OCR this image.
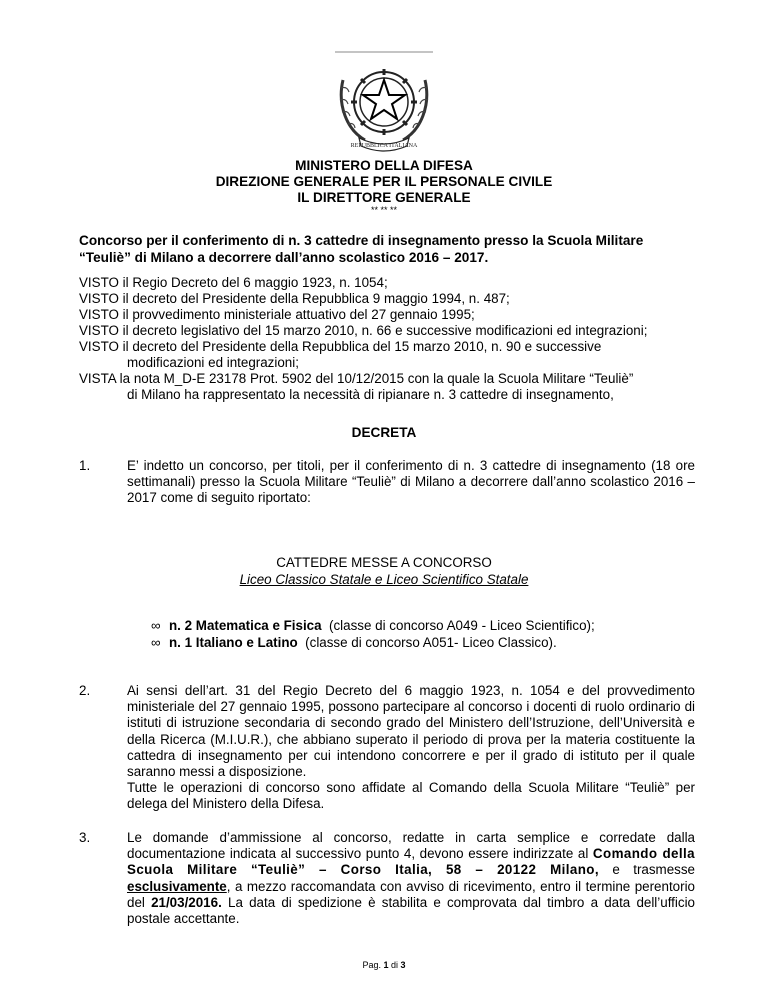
REPUBBLICA ITALIANA
MINISTERO DELLA DIFESA
DIREZIONE GENERALE PER IL PERSONALE CIVILE
IL DIRETTORE GENERALE
** ** **
Concorso per il conferimento di n. 3 cattedre di insegnamento presso la Scuola Militare
“Teuliè” di Milano a decorrere dall’anno scolastico 2016 – 2017.
VISTO il Regio Decreto del 6 maggio 1923, n. 1054;
VISTO il decreto del Presidente della Repubblica 9 maggio 1994, n. 487;
VISTO il provvedimento ministeriale attuativo del 27 gennaio 1995;
VISTO il decreto legislativo del 15 marzo 2010, n. 66 e successive modificazioni ed integrazioni;
VISTO il decreto del Presidente della Repubblica del 15 marzo 2010, n. 90 e successive
modificazioni ed integrazioni;
VISTA la nota M_D-E 23178 Prot. 5902 del 10/12/2015 con la quale la Scuola Militare “Teuliè”
di Milano ha rappresentato la necessità di ripianare n. 3 cattedre di insegnamento,
DECRETA
1.	E’ indetto un concorso, per titoli, per il conferimento di n. 3 cattedre di insegnamento (18 ore settimanali) presso la Scuola Militare “Teuliè” di Milano a decorrere dall’anno scolastico 2016 – 2017 come di seguito riportato:
CATTEDRE MESSE A CONCORSO
Liceo Classico Statale e Liceo Scientifico Statale
∞ n. 2 Matematica e Fisica  (classe di concorso A049 - Liceo Scientifico);
∞ n. 1 Italiano e Latino  (classe di concorso A051- Liceo Classico).
2.	Ai sensi dell’art. 31 del Regio Decreto del 6 maggio 1923, n. 1054 e del provvedimento ministeriale del 27 gennaio 1995, possono partecipare al concorso i docenti di ruolo ordinario di istituti di istruzione secondaria di secondo grado del Ministero dell’Istruzione, dell’Università e della Ricerca (M.I.U.R.), che abbiano superato il periodo di prova per la materia costituente la cattedra di insegnamento per cui intendono concorrere e per il grado di istituto per il quale saranno messi a disposizione.
Tutte le operazioni di concorso sono affidate al Comando della Scuola Militare “Teuliè” per delega del Ministero della Difesa.
3.	Le domande d’ammissione al concorso, redatte in carta semplice e corredate dalla documentazione indicata al successivo punto 4, devono essere indirizzate al Comando della Scuola Militare “Teuliè” – Corso Italia, 58 – 20122 Milano, e trasmesse esclusivamente, a mezzo raccomandata con avviso di ricevimento, entro il termine perentorio del 21/03/2016. La data di spedizione è stabilita e comprovata dal timbro a data dell’ufficio postale accettante.
Pag. 1 di 3
